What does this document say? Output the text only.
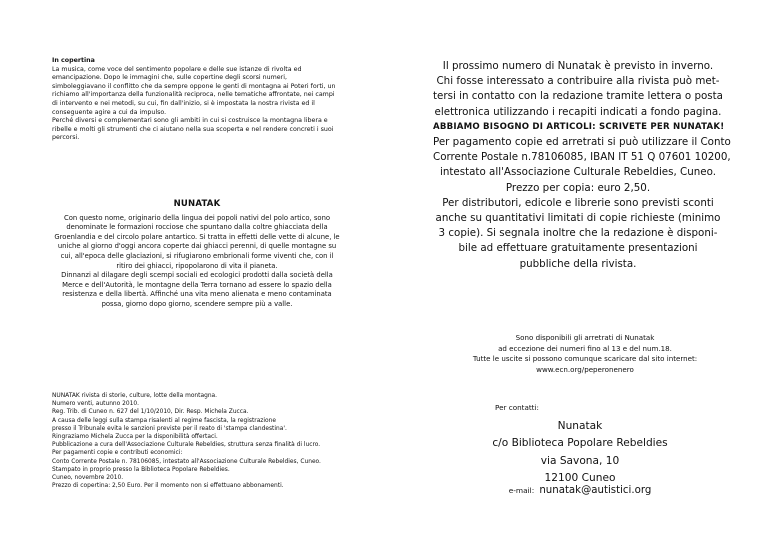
In copertina

La musica, come voce del sentimento popolare e delle sue istanze di rivolta ed emancipazione. Dopo le immagini che, sulle copertine degli scorsi numeri, simboleggiavano il conflitto che da sempre oppone le genti di montagna ai Poteri forti, un richiamo all'importanza della funzionalità reciproca, nelle tematiche affrontate, nei campi di intervento e nei metodi, su cui, fin dall'inizio, si è impostata la nostra rivista ed il conseguente agire a cui da impulso.

Perché diversi e complementari sono gli ambiti in cui si costruisce la montagna libera e ribelle e molti gli strumenti che ci aiutano nella sua scoperta e nel rendere concreti i suoi percorsi.

NUNATAK

Con questo nome, originario della lingua dei popoli nativi del polo artico, sono denominate le formazioni rocciose che spuntano dalla coltre ghiacciata della Groenlandia e del circolo polare antartico. Si tratta in effetti delle vette di alcune, le uniche al giorno d'oggi ancora coperte dai ghiacci perenni, di quelle montagne su cui, all'epoca delle glaciazioni, si rifugiarono embrionali forme viventi che, con il ritiro dei ghiacci, ripopolarono di vita il pianeta.

Dinnanzi al dilagare degli scempi sociali ed ecologici prodotti dalla società della Merce e dell'Autorità, le montagne della Terra tornano ad essere lo spazio della resistenza e della libertà. Affinché una vita meno alienata e meno contaminata possa, giorno dopo giorno, scendere sempre più a valle.

NUNATAK rivista di storie, culture, lotte della montagna.
Numero venti, autunno 2010.
Reg. Trib. di Cuneo n. 627 del 1/10/2010, Dir. Resp. Michela Zucca.
A causa delle leggi sulla stampa risalenti al regime fascista, la registrazione
presso il Tribunale evita le sanzioni previste per il reato di 'stampa clandestina'.
Ringraziamo Michela Zucca per la disponibilità offertaci.
Pubblicazione a cura dell'Associazione Culturale Rebeldies, struttura senza finalità di lucro.
Per pagamenti copie e contributi economici:
Conto Corrente Postale n. 78106085, intestato all'Associazione Culturale Rebeldies, Cuneo.
Stampato in proprio presso la Biblioteca Popolare Rebeldies.
Cuneo, novembre 2010.
Prezzo di copertina: 2,50 Euro. Per il momento non si effettuano abbonamenti.
Il prossimo numero di Nunatak è previsto in inverno.
Chi fosse interessato a contribuire alla rivista può met-
tersi in contatto con la redazione tramite lettera o posta
elettronica utilizzando i recapiti indicati a fondo pagina.
ABBIAMO BISOGNO DI ARTICOLI: SCRIVETE PER NUNATAK!
Per pagamento copie ed arretrati si può utilizzare il Conto
Corrente Postale n.78106085, IBAN IT 51 Q 07601 10200,
intestato all'Associazione Culturale Rebeldies, Cuneo.
Prezzo per copia: euro 2,50.
Per distributori, edicole e librerie sono previsti sconti
anche su quantitativi limitati di copie richieste (minimo
3 copie). Si segnala inoltre che la redazione è disponi-
bile ad effettuare gratuitamente presentazioni
pubbliche della rivista.
Sono disponibili gli arretrati di Nunatak
ad eccezione dei numeri fino al 13 e del num.18.
Tutte le uscite si possono comunque scaricare dal sito internet:
www.ecn.org/peperonenero
Per contatti:
Nunatak
c/o Biblioteca Popolare Rebeldies
via Savona, 10
12100 Cuneo
e-mail: nunatak@autistici.org
